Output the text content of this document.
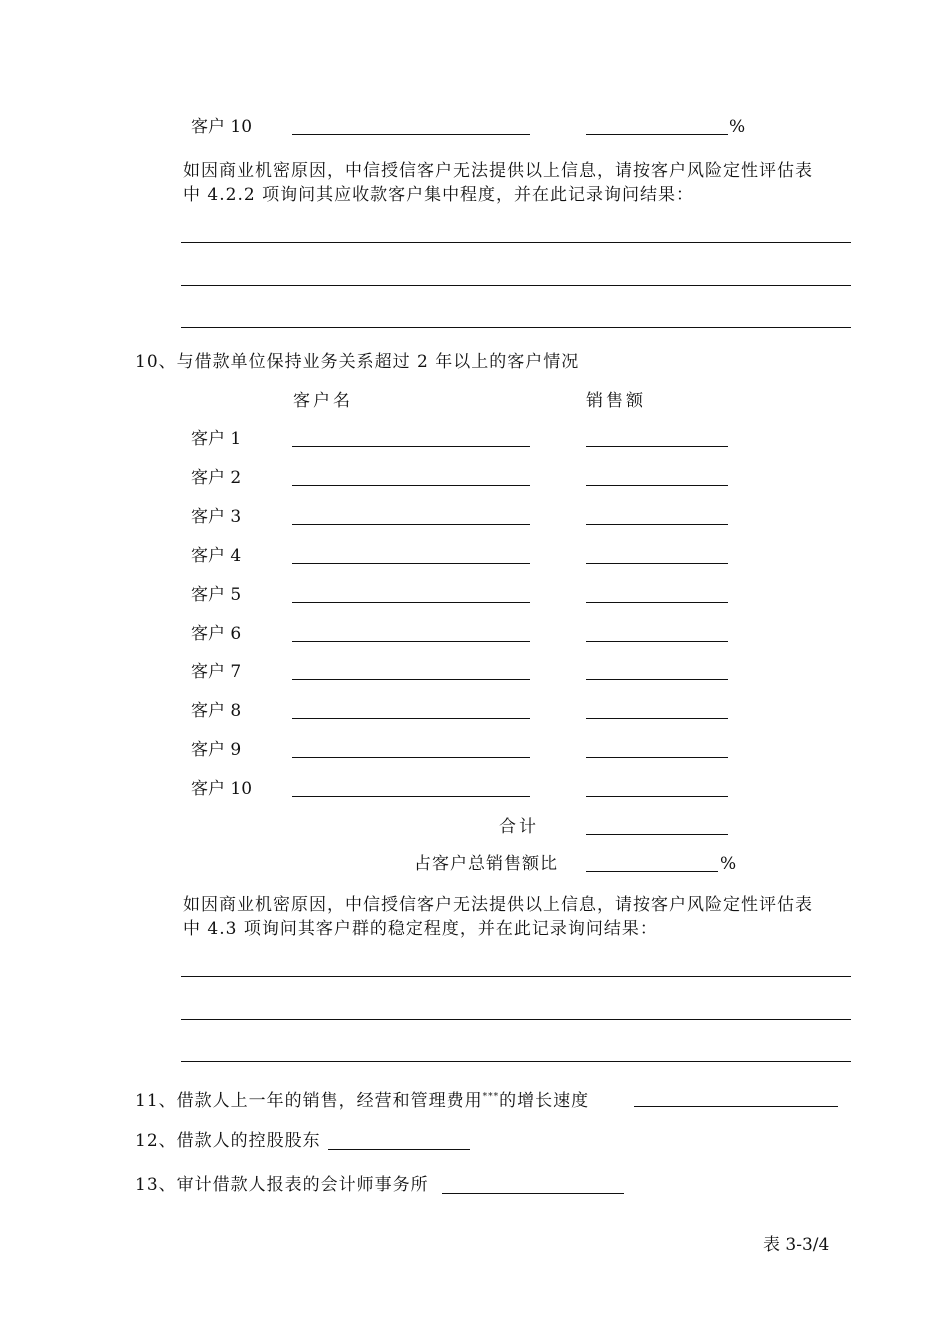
客户 10	%
如因商业机密原因，中信授信客户无法提供以上信息，请按客户风险定性评估表
中 4.2.2 项询问其应收款客户集中程度，并在此记录询问结果：
10、与借款单位保持业务关系超过 2 年以上的客户情况
客户名	销售额
客户 1
客户 2
客户 3
客户 4
客户 5
客户 6
客户 7
客户 8
客户 9
客户 10
合计
占客户总销售额比	%
如因商业机密原因，中信授信客户无法提供以上信息，请按客户风险定性评估表
中 4.3 项询问其客户群的稳定程度，并在此记录询问结果：
11、借款人上一年的销售，经营和管理费用***的增长速度
12、借款人的控股股东
13、审计借款人报表的会计师事务所
表 3-3/4
